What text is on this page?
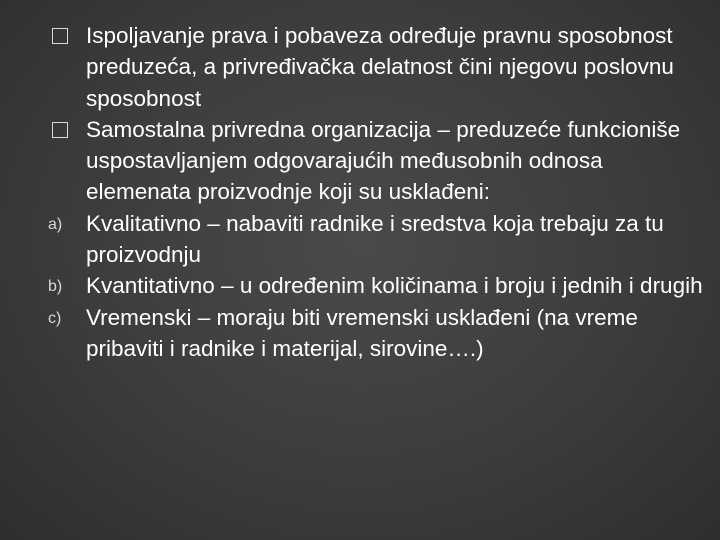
Ispoljavanje prava i pobaveza određuje pravnu sposobnost preduzeća, a privređivačka delatnost čini njegovu poslovnu sposobnost

Samostalna privredna organizacija – preduzeće funkcioniše uspostavljanjem odgovarajućih međusobnih odnosa elemenata proizvodnje koji su usklađeni:

a)	Kvalitativno – nabaviti radnike i sredstva koja trebaju za tu proizvodnju

b)	Kvantitativno – u određenim količinama i broju i jednih i drugih

c)	Vremenski – moraju biti vremenski usklađeni (na vreme pribaviti i radnike i materijal, sirovine….)
